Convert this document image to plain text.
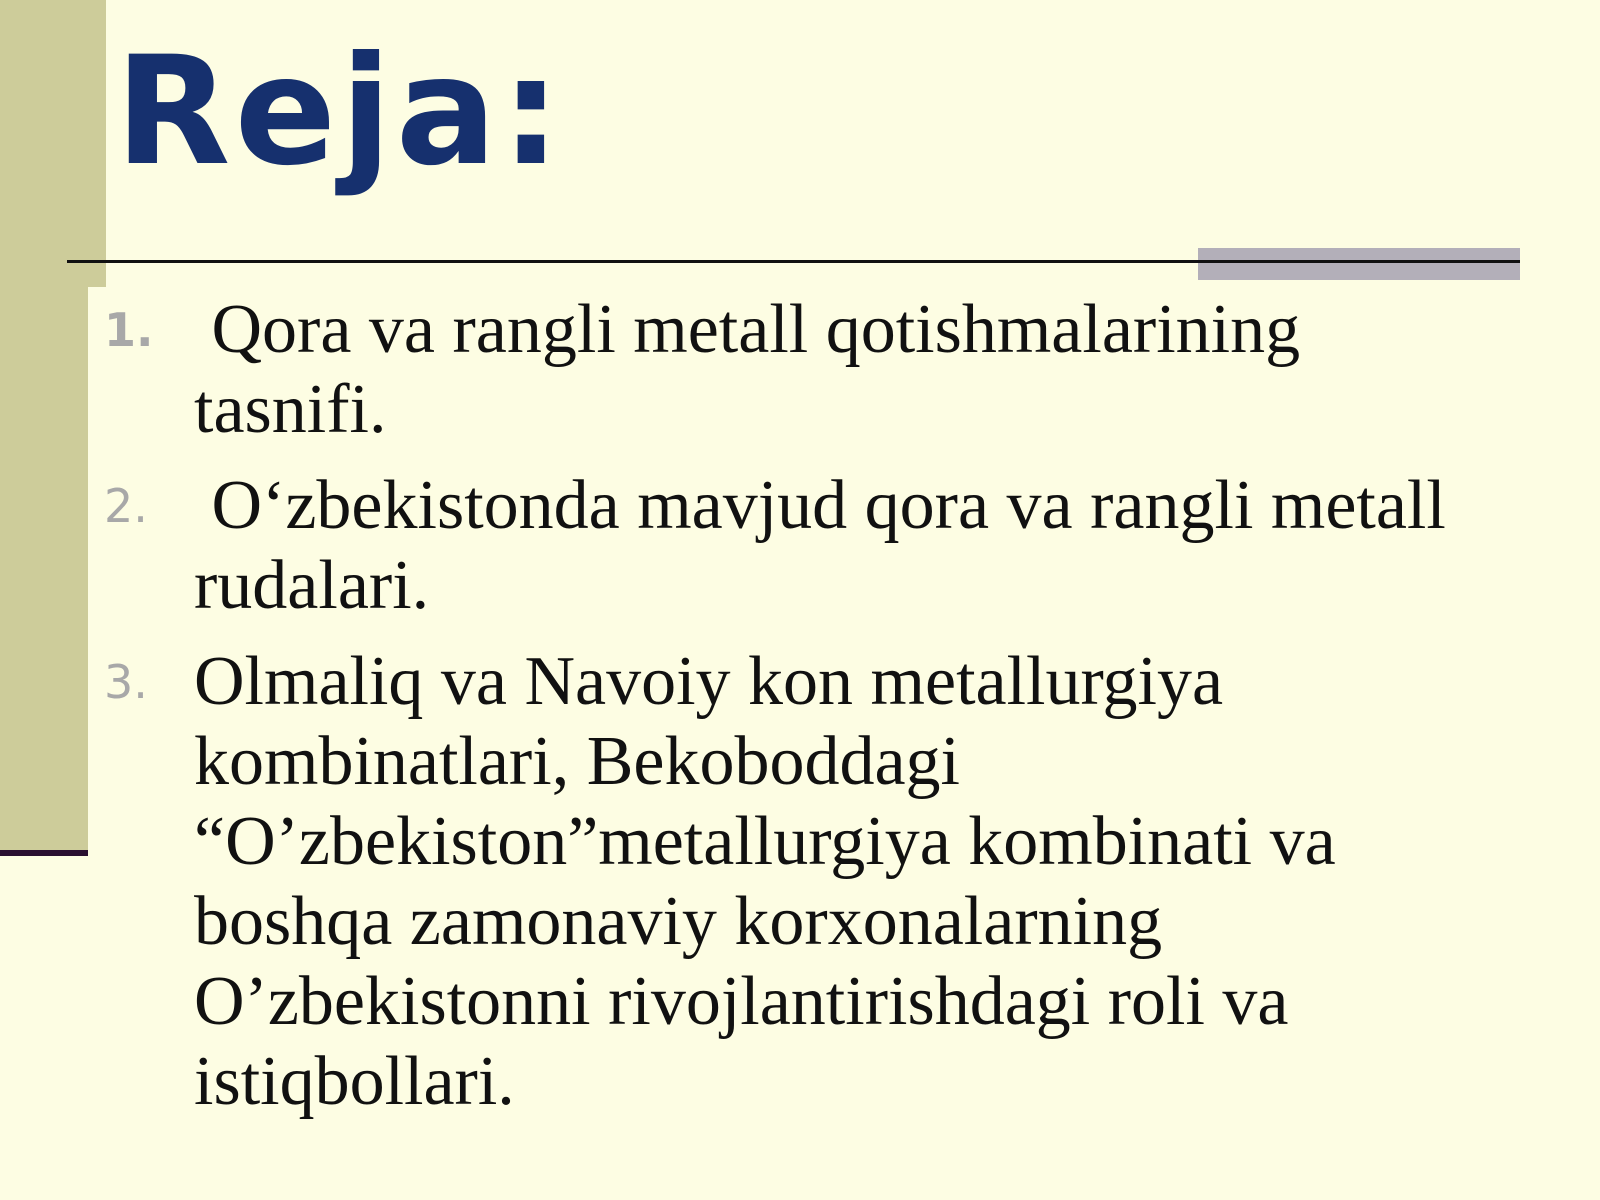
Reja:
1. Qora va rangli metall qotishmalarining tasnifi.
2. O‘zbekistonda mavjud qora va rangli metall rudalari.
3. Olmaliq va Navoiy kon metallurgiya kombinatlari, Bekoboddagi “O’zbekiston”metallurgiya kombinati va boshqa zamonaviy korxonalarning O’zbekistonni rivojlantirishdagi roli va istiqbollari.
